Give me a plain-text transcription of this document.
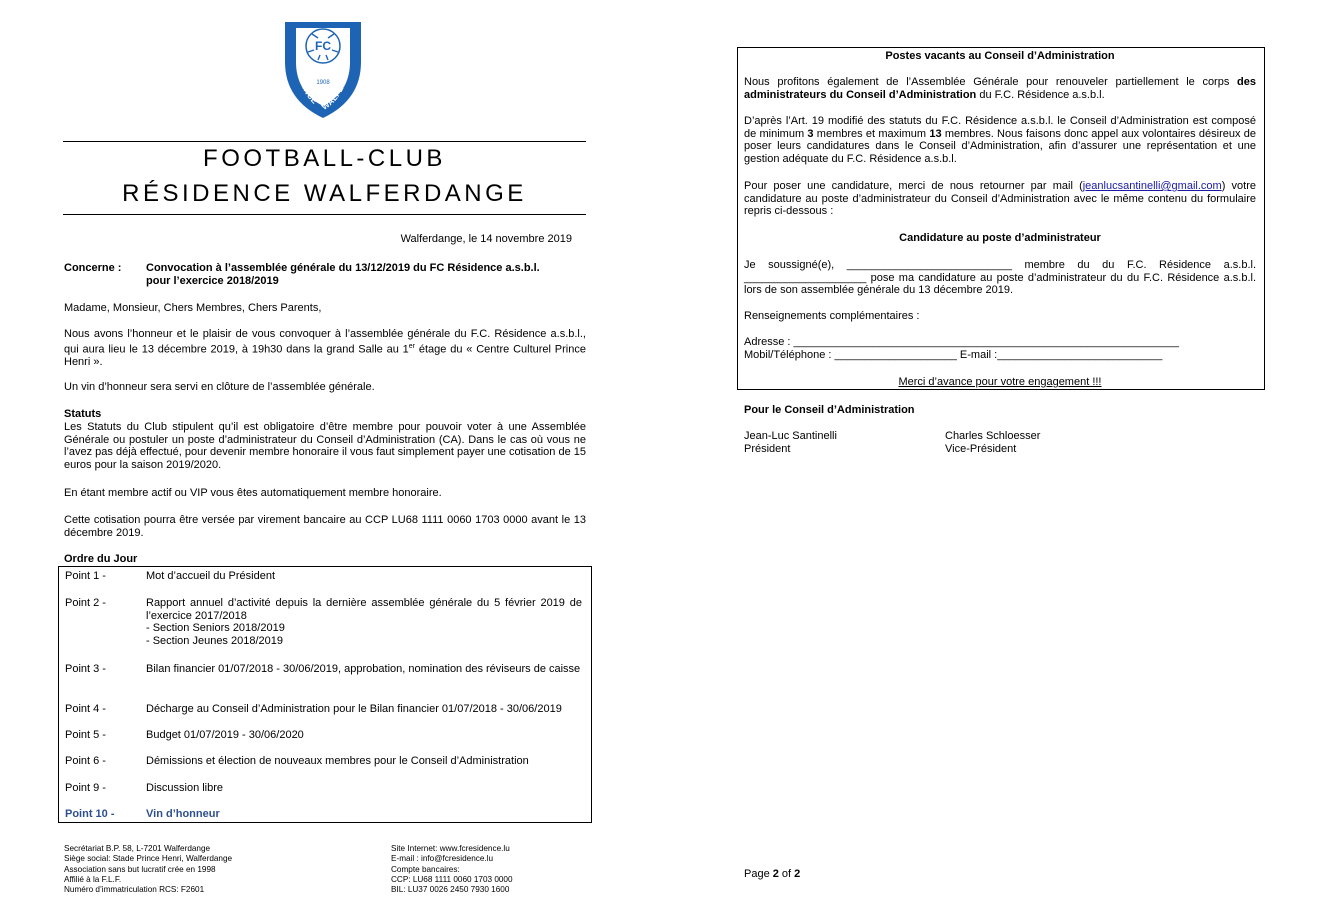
FC
1908
RÉSIDENCE WALFER
FOOTBALL-CLUB
RÉSIDENCE WALFERDANGE
Walferdange, le 14 novembre 2019
Concerne : Convocation à l’assemblée générale du 13/12/2019 du FC Résidence a.s.b.l.
pour l’exercice 2018/2019
Madame, Monsieur, Chers Membres, Chers Parents,
Nous avons l’honneur et le plaisir de vous convoquer à l’assemblée générale du F.C. Résidence a.s.b.l., qui aura lieu le 13 décembre 2019, à 19h30 dans la grand Salle au 1er étage du « Centre Culturel Prince Henri ».
Un vin d’honneur sera servi en clôture de l’assemblée générale.
Statuts
Les Statuts du Club stipulent qu’il est obligatoire d’être membre pour pouvoir voter à une Assemblée Générale ou postuler un poste d’administrateur du Conseil d’Administration (CA). Dans le cas où vous ne l’avez pas déjà effectué, pour devenir membre honoraire il vous faut simplement payer une cotisation de 15 euros pour la saison 2019/2020.
En étant membre actif ou VIP vous êtes automatiquement membre honoraire.
Cette cotisation pourra être versée par virement bancaire au CCP LU68 1111 0060 1703 0000 avant le 13 décembre 2019.
Ordre du Jour
Point 1 -	Mot d’accueil du Président
Point 2 -	Rapport annuel d’activité depuis la dernière assemblée générale du 5 février 2019 de l’exercice 2017/2018
- Section Seniors 2018/2019
- Section Jeunes 2018/2019
Point 3 -	Bilan financier 01/07/2018 - 30/06/2019, approbation, nomination des réviseurs de caisse
Point 4 -	Décharge au Conseil d’Administration pour le Bilan financier 01/07/2018 - 30/06/2019
Point 5 -	Budget 01/07/2019 - 30/06/2020
Point 6 -	Démissions et élection de nouveaux membres pour le Conseil d’Administration
Point 9 -	Discussion libre
Point 10 -	Vin d’honneur
Secrétariat B.P. 58, L-7201 Walferdange
Siège social: Stade Prince Henri, Walferdange
Association sans but lucratif crée en 1998
Affilié à la F.L.F.
Numéro d’immatriculation RCS: F2601
Site Internet: www.fcresidence.lu
E-mail : info@fcresidence.lu
Compte bancaires:
CCP: LU68 1111 0060 1703 0000
BIL: LU37 0026 2450 7930 1600
Postes vacants au Conseil d’Administration
Nous profitons également de l’Assemblée Générale pour renouveler partiellement le corps des administrateurs du Conseil d’Administration du F.C. Résidence a.s.b.l.
D’après l’Art. 19 modifié des statuts du F.C. Résidence a.s.b.l. le Conseil d’Administration est composé de minimum 3 membres et maximum 13 membres. Nous faisons donc appel aux volontaires désireux de poser leurs candidatures dans le Conseil d’Administration, afin d’assurer une représentation et une gestion adéquate du F.C. Résidence a.s.b.l.
Pour poser une candidature, merci de nous retourner par mail (jeanlucsantinelli@gmail.com) votre candidature au poste d’administrateur du Conseil d’Administration avec le même contenu du formulaire repris ci-dessous :
Candidature au poste d’administrateur
Je soussigné(e), ___________________________ membre du du F.C. Résidence a.s.b.l. ____________________ pose ma candidature au poste d’administrateur du du F.C. Résidence a.s.b.l. lors de son assemblée générale du 13 décembre 2019.
Renseignements complémentaires :
Adresse : _______________________________________________________________
Mobil/Téléphone : ____________________ E-mail :___________________________
Merci d’avance pour votre engagement !!!
Pour le Conseil d’Administration
Jean-Luc Santinelli
Président
Charles Schloesser
Vice-Président
Page 2 of 2
